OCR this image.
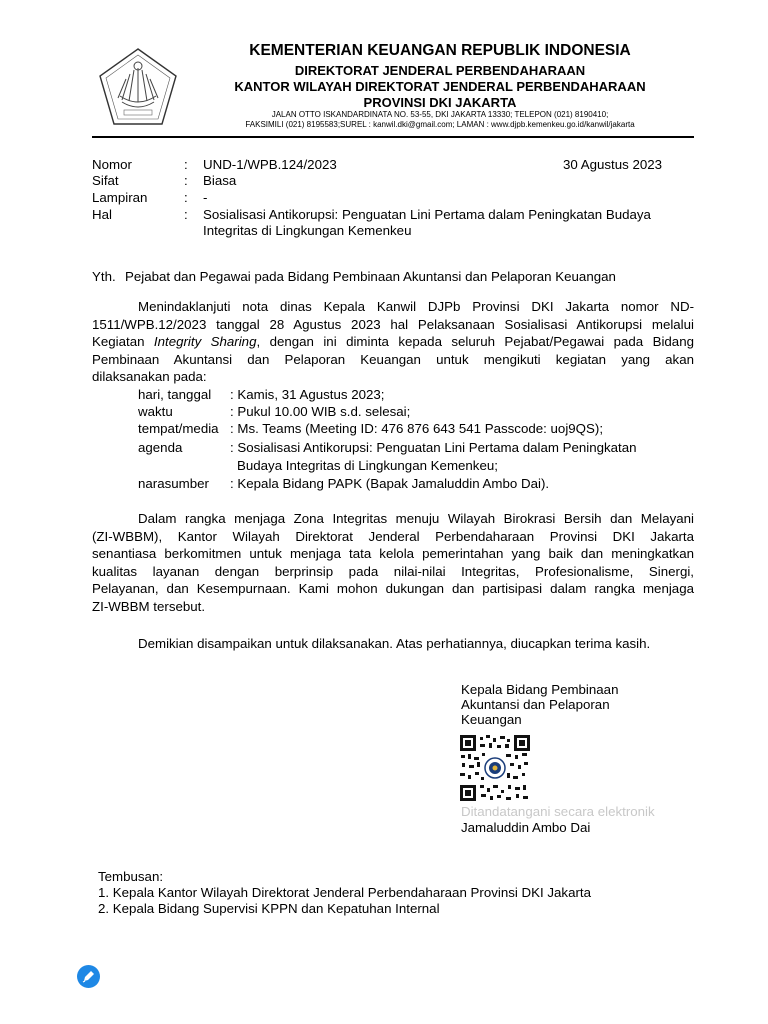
KEMENTERIAN KEUANGAN REPUBLIK INDONESIA
DIREKTORAT JENDERAL PERBENDAHARAAN
KANTOR WILAYAH DIREKTORAT JENDERAL PERBENDAHARAAN
PROVINSI DKI JAKARTA
JALAN OTTO ISKANDARDINATA NO. 53-55, DKI JAKARTA 13330; TELEPON (021) 8190410;
FAKSIMILI (021) 8195583;SUREL : kanwil.dki@gmail.com; LAMAN : www.djpb.kemenkeu.go.id/kanwil/jakarta
Nomor
Sifat
Lampiran
Hal
:
:
:
:
UND-1/WPB.124/2023
Biasa
-
Sosialisasi Antikorupsi: Penguatan Lini Pertama dalam Peningkatan Budaya
Integritas di Lingkungan Kemenkeu
30 Agustus 2023
Yth. Pejabat dan Pegawai pada Bidang Pembinaan Akuntansi dan Pelaporan Keuangan
Menindaklanjuti nota dinas Kepala Kanwil DJPb Provinsi DKI Jakarta nomor ND-
1511/WPB.12/2023 tanggal 28 Agustus 2023 hal Pelaksanaan Sosialisasi Antikorupsi melalui
Kegiatan Integrity Sharing, dengan ini diminta kepada seluruh Pejabat/Pegawai pada Bidang
Pembinaan Akuntansi dan Pelaporan Keuangan untuk mengikuti kegiatan yang akan
dilaksanakan pada:
hari, tanggal : Kamis, 31 Agustus 2023;
waktu	: Pukul 10.00 WIB s.d. selesai;
tempat/media : Ms. Teams (Meeting ID: 476 876 643 541 Passcode: uoj9QS);
agenda	: Sosialisasi Antikorupsi: Penguatan Lini Pertama dalam Peningkatan
Budaya Integritas di Lingkungan Kemenkeu;
narasumber : Kepala Bidang PAPK (Bapak Jamaluddin Ambo Dai).
Dalam rangka menjaga Zona Integritas menuju Wilayah Birokrasi Bersih dan Melayani
(ZI-WBBM), Kantor Wilayah Direktorat Jenderal Perbendaharaan Provinsi DKI Jakarta
senantiasa berkomitmen untuk menjaga tata kelola pemerintahan yang baik dan meningkatkan
kualitas layanan dengan berprinsip pada nilai-nilai Integritas, Profesionalisme, Sinergi,
Pelayanan, dan Kesempurnaan. Kami mohon dukungan dan partisipasi dalam rangka menjaga
ZI-WBBM tersebut.
Demikian disampaikan untuk dilaksanakan. Atas perhatiannya, diucapkan terima kasih.
Kepala Bidang Pembinaan
Akuntansi dan Pelaporan
Keuangan
Ditandatangani secara elektronik
Jamaluddin Ambo Dai
Tembusan:
1. Kepala Kantor Wilayah Direktorat Jenderal Perbendaharaan Provinsi DKI Jakarta
2. Kepala Bidang Supervisi KPPN dan Kepatuhan Internal
